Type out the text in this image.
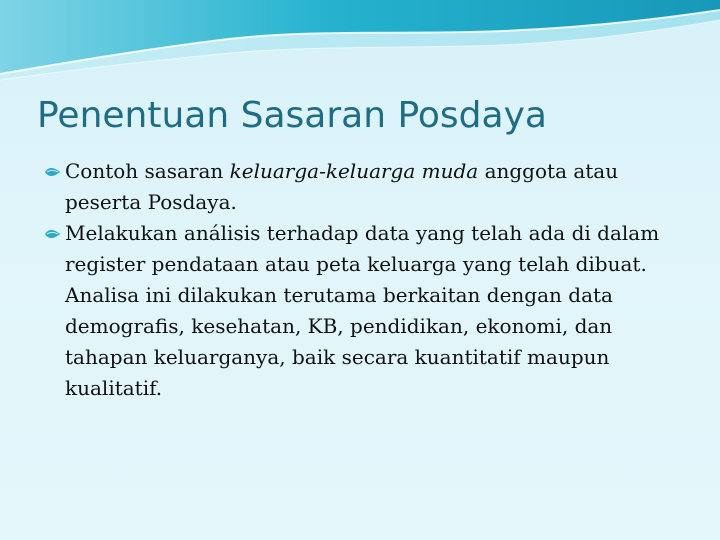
Penentuan Sasaran Posdaya
Contoh sasaran keluarga-keluarga muda anggota atau peserta Posdaya.
Melakukan análisis terhadap data yang telah ada di dalam register pendataan atau peta keluarga yang telah dibuat. Analisa ini dilakukan terutama berkaitan dengan data demografis, kesehatan, KB, pendidikan, ekonomi, dan tahapan keluarganya, baik secara kuantitatif maupun kualitatif.
